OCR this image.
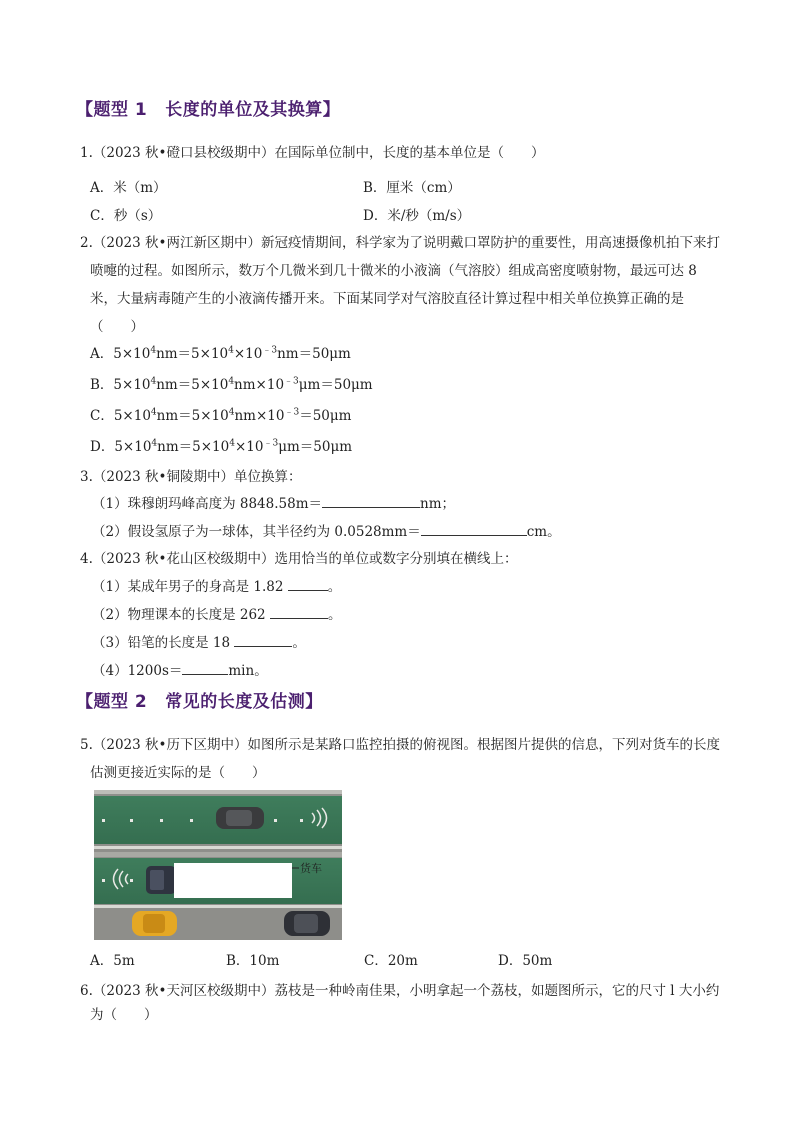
【题型 1 长度的单位及其换算】
1.（2023 秋•磴口县校级期中）在国际单位制中，长度的基本单位是（　　）
A．米（m）	B．厘米（cm）
C．秒（s）	D．米/秒（m/s）
2.（2023 秋•两江新区期中）新冠疫情期间，科学家为了说明戴口罩防护的重要性，用高速摄像机拍下来打
喷嚏的过程。如图所示，数万个几微米到几十微米的小液滴（气溶胶）组成高密度喷射物，最远可达 8
米，大量病毒随产生的小液滴传播开来。下面某同学对气溶胶直径计算过程中相关单位换算正确的是
（　　）
A．$5\times 10^4nm=5\times 10^4\times 10^{﹣3}nm=50\mu m$
B．$5\times 10^4nm=5\times 10^4nm\times 10^{﹣3}\mu m=50\mu m$
C．$5\times 10^4nm=5\times 10^4nm\times 10^{﹣3}=50\mu m$
D．$5\times 10^4nm=5\times 10^4\times 10^{﹣3}\mu m=50\mu m$
3.（2023 秋•铜陵期中）单位换算：
（1）珠穆朗玛峰高度为 8848.58m＝	nm；
（2）假设氢原子为一球体，其半径约为 0.0528mm＝	cm。
4.（2023 秋•花山区校级期中）选用恰当的单位或数字分别填在横线上：
（1）某成年男子的身高是 1.82	。
（2）物理课本的长度是 262	。
（3）铅笔的长度是 18	。
（4）1200s＝	min。
【题型 2 常见的长度及估测】
5.（2023 秋•历下区期中）如图所示是某路口监控拍摄的俯视图。根据图片提供的信息，下列对货车的长度
估测更接近实际的是（　　）
货车
A．5m	B．10m	C．20m	D．50m
6.（2023 秋•天河区校级期中）荔枝是一种岭南佳果，小明拿起一个荔枝，如题图所示，它的尺寸 l 大小约
为（　　）
